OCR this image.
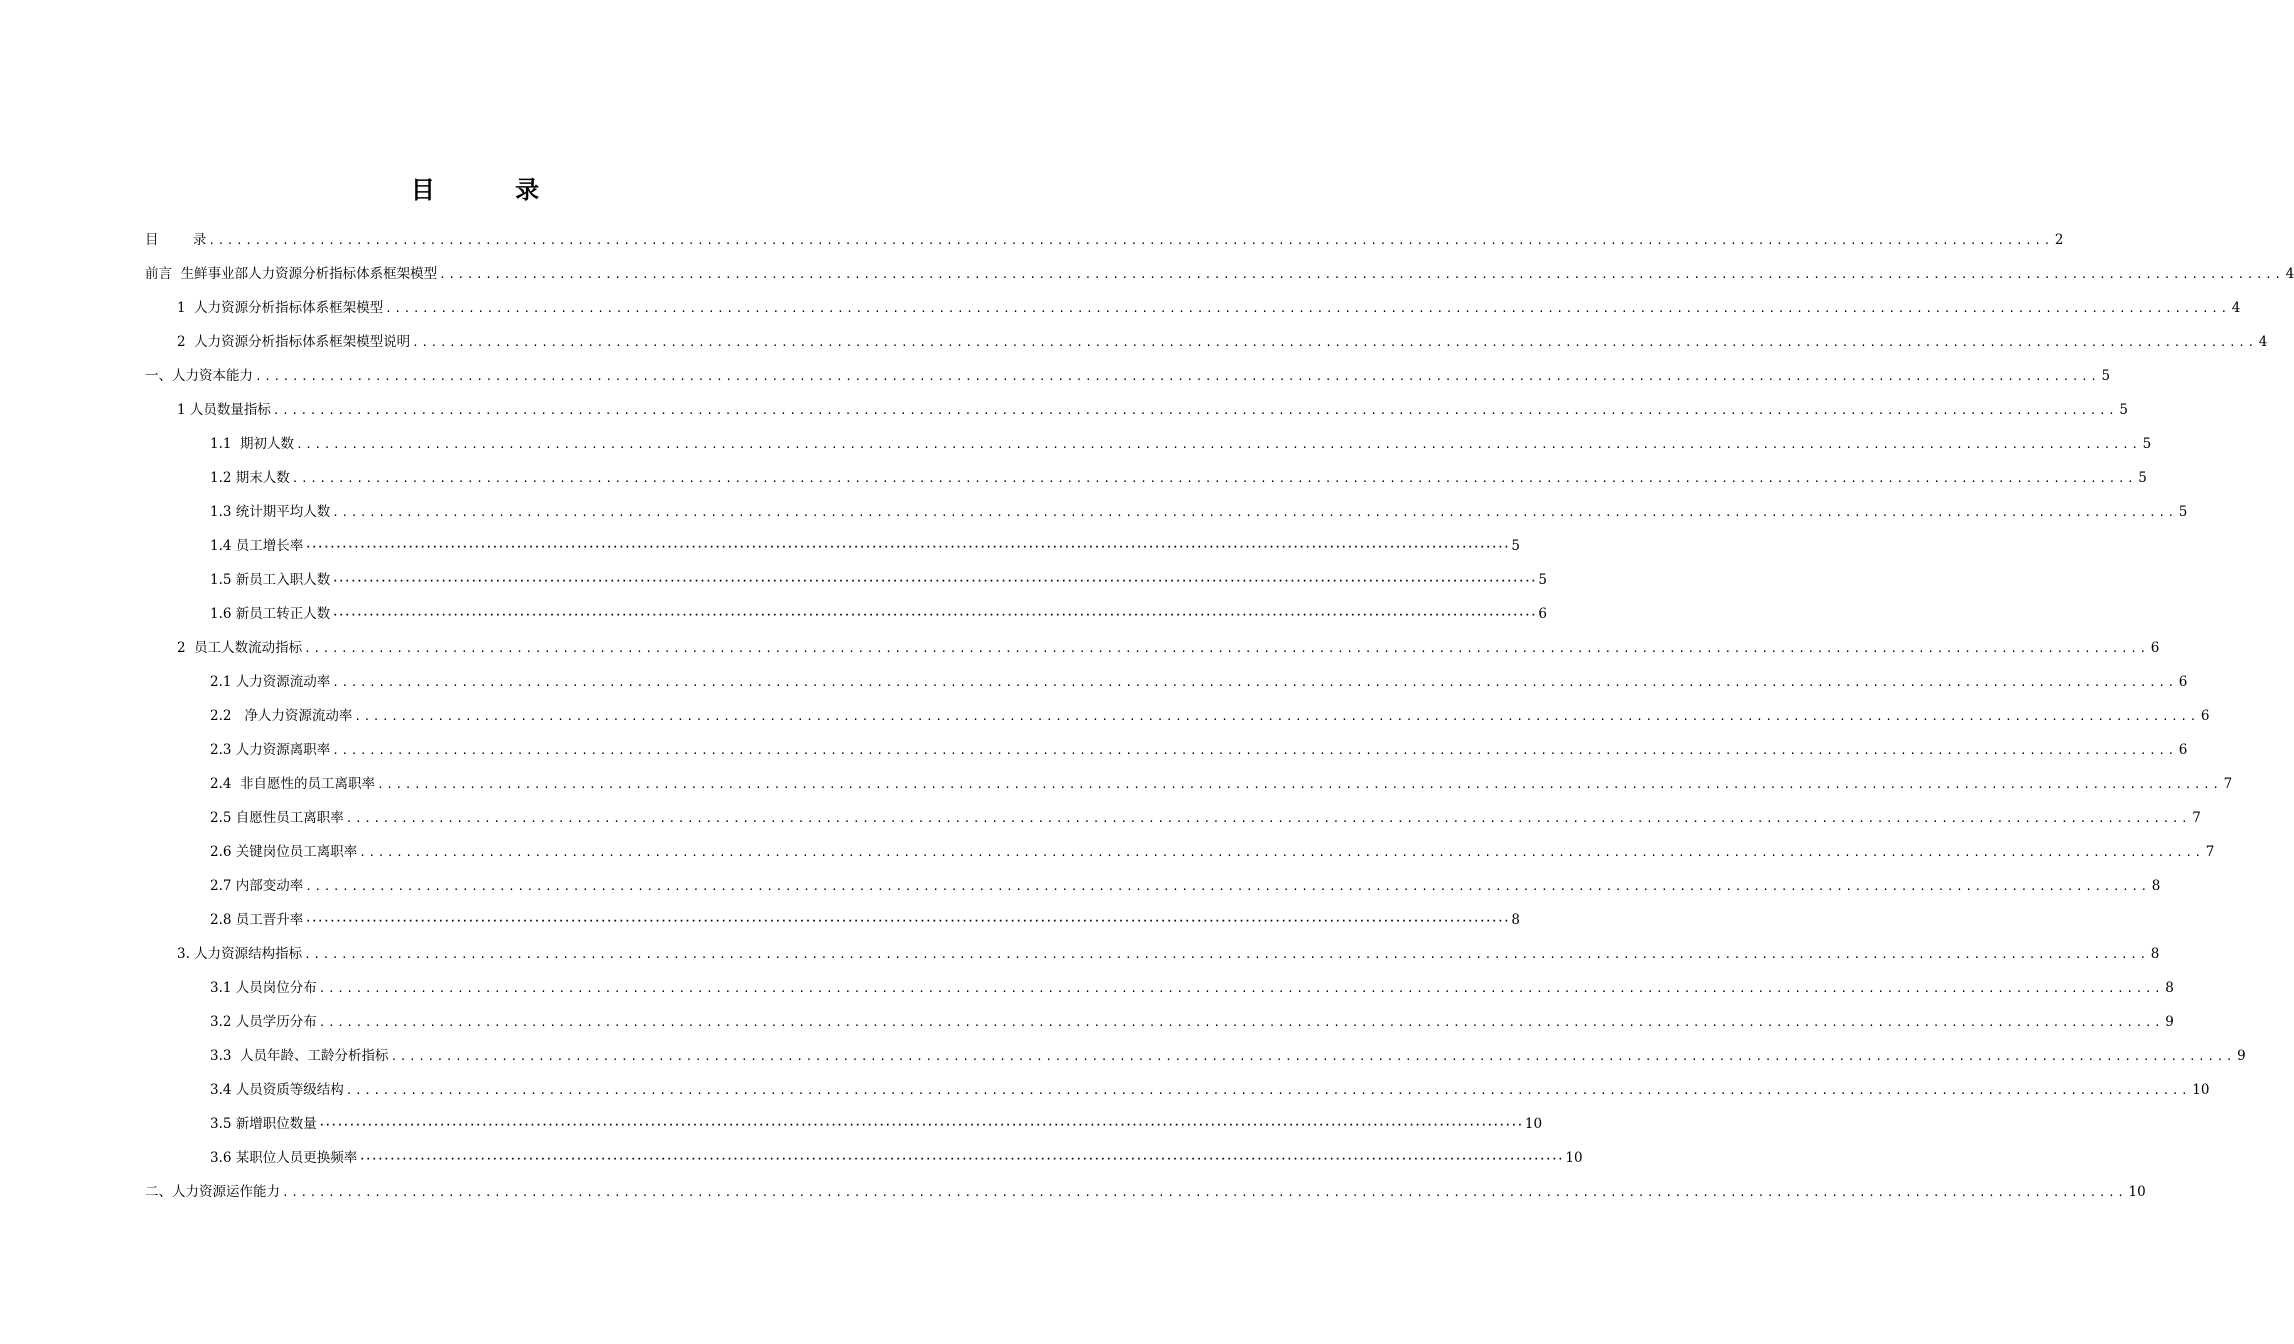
目 录
目        录 ........................................................................................................................................................................................................ 2
前言  生鲜事业部人力资源分析指标体系框架模型 ........................................................................................................................................................................................................ 4
1  人力资源分析指标体系框架模型 ........................................................................................................................................................................................................ 4
2  人力资源分析指标体系框架模型说明 ........................................................................................................................................................................................................ 4
一、人力资本能力 ........................................................................................................................................................................................................ 5
1 人员数量指标 ........................................................................................................................................................................................................ 5
1.1  期初人数 ........................................................................................................................................................................................................ 5
1.2 期末人数 ........................................................................................................................................................................................................ 5
1.3 统计期平均人数 ........................................................................................................................................................................................................ 5
1.4 员工增长率 ········································································································································································································ 5
1.5 新员工入职人数 ········································································································································································································ 5
1.6 新员工转正人数 ········································································································································································································ 6
2  员工人数流动指标 ........................................................................................................................................................................................................ 6
2.1 人力资源流动率 ........................................................................................................................................................................................................ 6
2.2   净人力资源流动率 ........................................................................................................................................................................................................ 6
2.3 人力资源离职率 ........................................................................................................................................................................................................ 6
2.4  非自愿性的员工离职率 ........................................................................................................................................................................................................ 7
2.5 自愿性员工离职率 ........................................................................................................................................................................................................ 7
2.6 关键岗位员工离职率 ........................................................................................................................................................................................................ 7
2.7 内部变动率 ........................................................................................................................................................................................................ 8
2.8 员工晋升率 ········································································································································································································ 8
3. 人力资源结构指标 ........................................................................................................................................................................................................ 8
3.1 人员岗位分布 ........................................................................................................................................................................................................ 8
3.2 人员学历分布 ........................................................................................................................................................................................................ 9
3.3  人员年龄、工龄分析指标 ........................................................................................................................................................................................................ 9
3.4 人员资质等级结构 ........................................................................................................................................................................................................ 10
3.5 新增职位数量 ········································································································································································································ 10
3.6 某职位人员更换频率 ········································································································································································································ 10
二、人力资源运作能力 ........................................................................................................................................................................................................ 10
